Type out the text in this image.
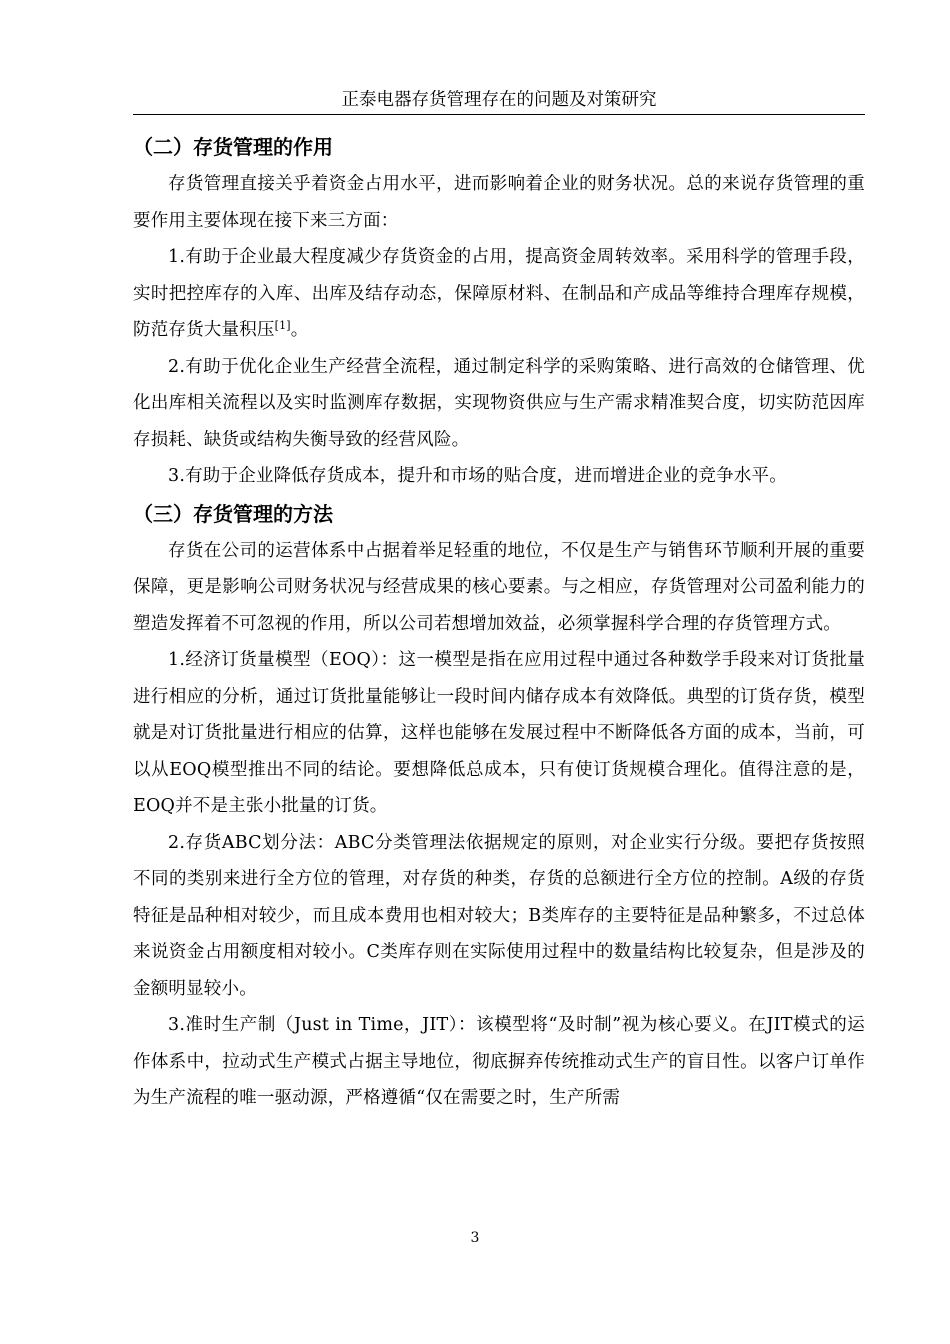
正泰电器存货管理存在的问题及对策研究
（二）存货管理的作用

存货管理直接关乎着资金占用水平，进而影响着企业的财务状况。总的来说存货管理的重要作用主要体现在接下来三方面：

1.有助于企业最大程度减少存货资金的占用，提高资金周转效率。采用科学的管理手段，实时把控库存的入库、出库及结存动态，保障原材料、在制品和产成品等维持合理库存规模，防范存货大量积压[1]。

2.有助于优化企业生产经营全流程，通过制定科学的采购策略、进行高效的仓储管理、优化出库相关流程以及实时监测库存数据，实现物资供应与生产需求精准契合度，切实防范因库存损耗、缺货或结构失衡导致的经营风险。

3.有助于企业降低存货成本，提升和市场的贴合度，进而增进企业的竞争水平。

（三）存货管理的方法

存货在公司的运营体系中占据着举足轻重的地位，不仅是生产与销售环节顺利开展的重要保障，更是影响公司财务状况与经营成果的核心要素。与之相应，存货管理对公司盈利能力的塑造发挥着不可忽视的作用，所以公司若想增加效益，必须掌握科学合理的存货管理方式。

1.经济订货量模型（EOQ）：这一模型是指在应用过程中通过各种数学手段来对订货批量进行相应的分析，通过订货批量能够让一段时间内储存成本有效降低。典型的订货存货，模型就是对订货批量进行相应的估算，这样也能够在发展过程中不断降低各方面的成本，当前，可以从EOQ模型推出不同的结论。要想降低总成本，只有使订货规模合理化。值得注意的是，EOQ并不是主张小批量的订货。

2.存货ABC划分法：ABC分类管理法依据规定的原则，对企业实行分级。要把存货按照不同的类别来进行全方位的管理，对存货的种类，存货的总额进行全方位的控制。A级的存货特征是品种相对较少，而且成本费用也相对较大；B类库存的主要特征是品种繁多，不过总体来说资金占用额度相对较小。C类库存则在实际使用过程中的数量结构比较复杂，但是涉及的金额明显较小。

3.准时生产制（Just in Time，JIT）：该模型将“及时制”视为核心要义。在JIT模式的运作体系中，拉动式生产模式占据主导地位，彻底摒弃传统推动式生产的盲目性。以客户订单作为生产流程的唯一驱动源，严格遵循“仅在需要之时，生产所需

3
